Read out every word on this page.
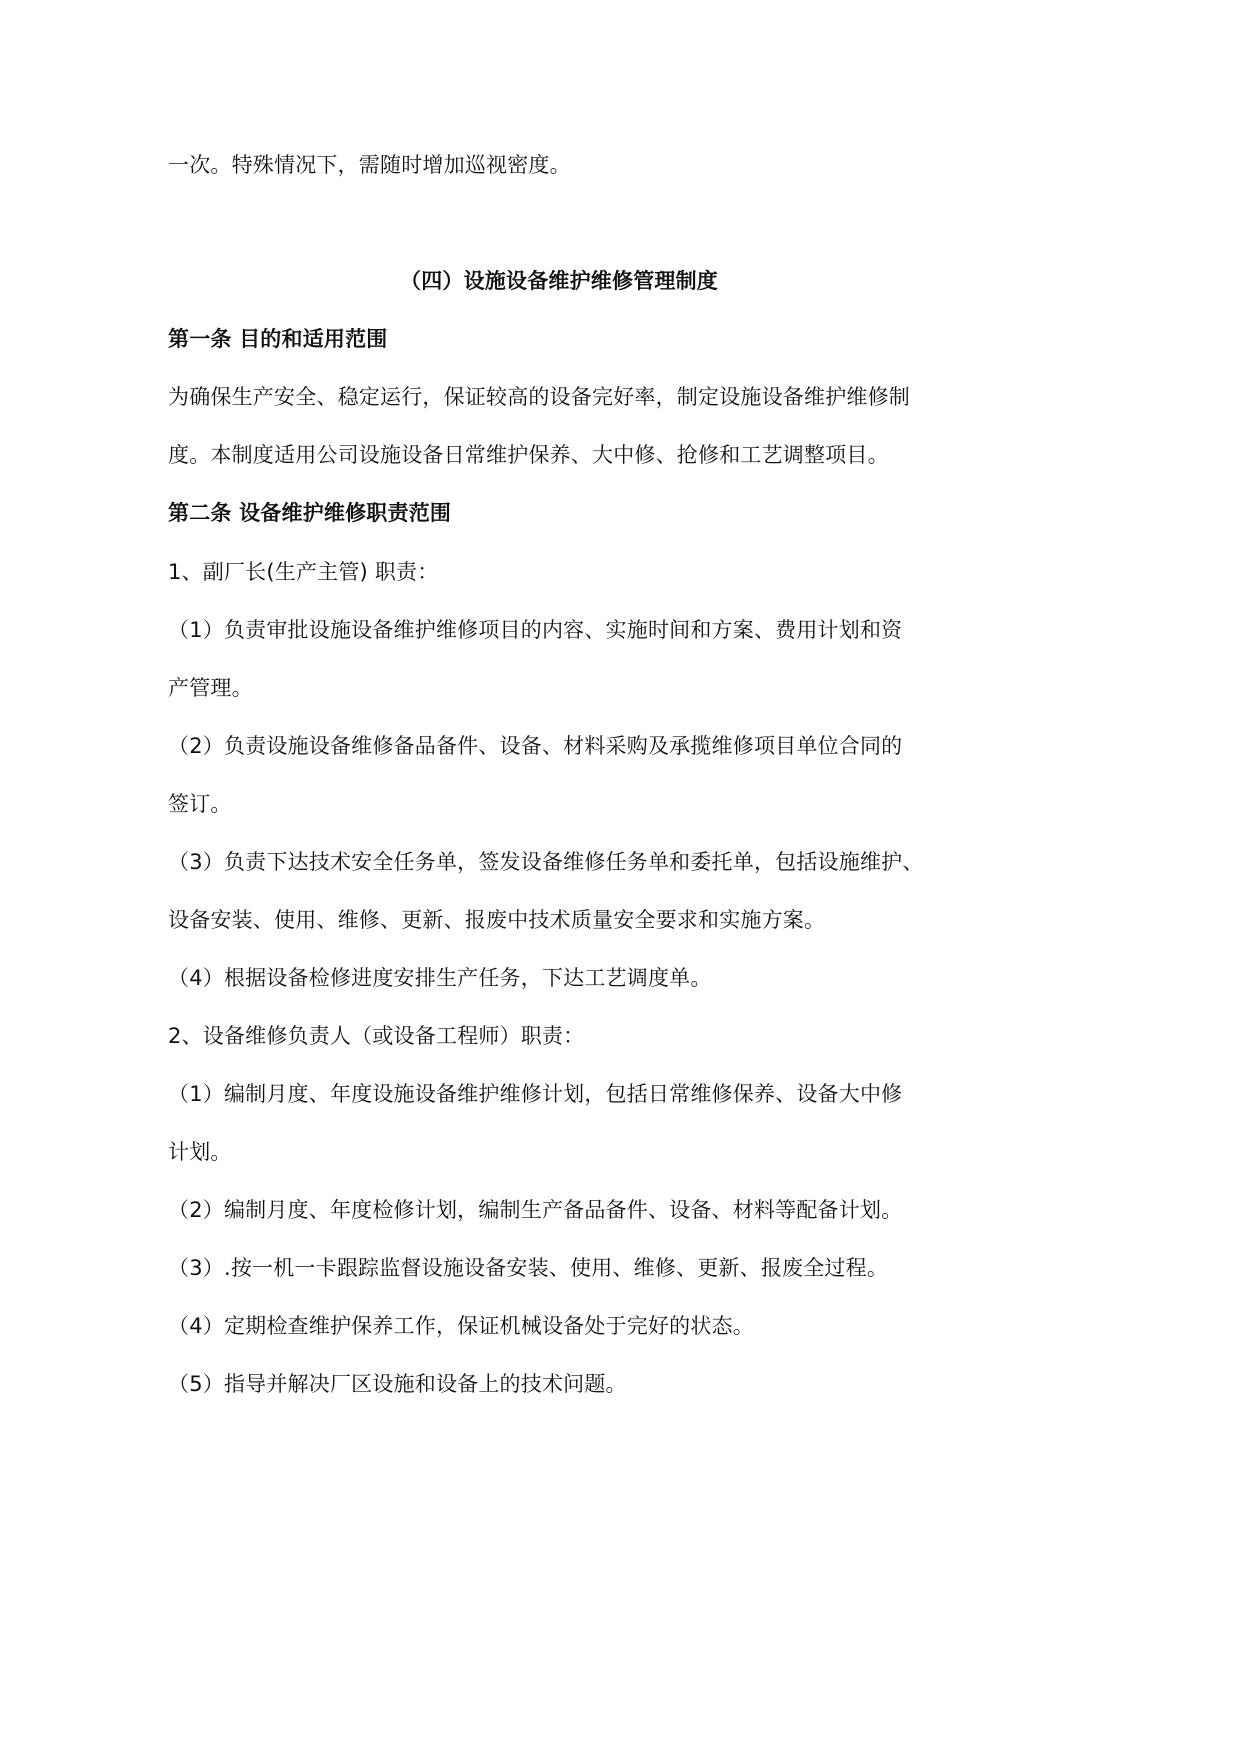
一次。特殊情况下，需随时增加巡视密度。
（四）设施设备维护维修管理制度
第一条 目的和适用范围
为确保生产安全、稳定运行，保证较高的设备完好率，制定设施设备维护维修制
度。本制度适用公司设施设备日常维护保养、大中修、抢修和工艺调整项目。
第二条 设备维护维修职责范围
1、副厂长(生产主管) 职责：
（1）负责审批设施设备维护维修项目的内容、实施时间和方案、费用计划和资
产管理。
（2）负责设施设备维修备品备件、设备、材料采购及承揽维修项目单位合同的
签订。
（3）负责下达技术安全任务单，签发设备维修任务单和委托单，包括设施维护、
设备安装、使用、维修、更新、报废中技术质量安全要求和实施方案。
（4）根据设备检修进度安排生产任务，下达工艺调度单。
2、设备维修负责人（或设备工程师）职责：
（1）编制月度、年度设施设备维护维修计划，包括日常维修保养、设备大中修
计划。
（2）编制月度、年度检修计划，编制生产备品备件、设备、材料等配备计划。
（3）.按一机一卡跟踪监督设施设备安装、使用、维修、更新、报废全过程。
（4）定期检查维护保养工作，保证机械设备处于完好的状态。
（5）指导并解决厂区设施和设备上的技术问题。
